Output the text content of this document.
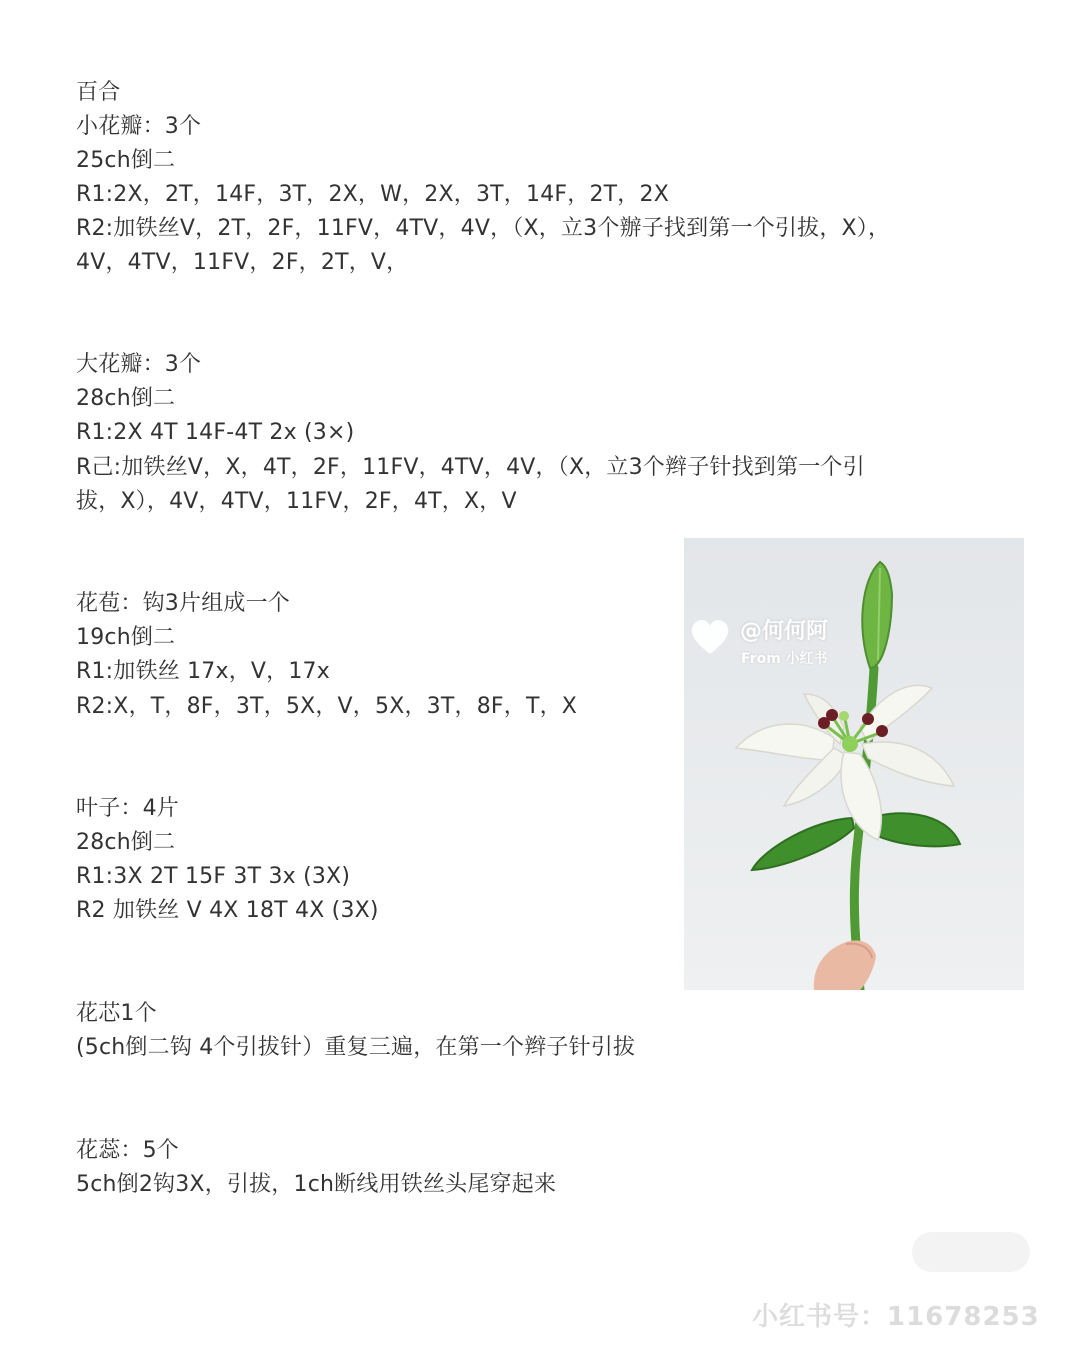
百合
小花瓣：3个
25ch倒二
R1:2X，2T，14F，3T，2X，W，2X，3T，14F，2T，2X
R2:加铁丝V，2T，2F，11FV，4TV，4V，（X，立3个辦子找到第一个引拔，X），
4V，4TV，11FV，2F，2T，V，
大花瓣：3个
28ch倒二
R1:2X 4T 14F-4T 2x (3×)
R己:加铁丝V，X，4T，2F，11FV，4TV，4V，（X，立3个辫子针找到第一个引
拔，X），4V，4TV，11FV，2F，4T，X，V
花苞：钩3片组成一个
19ch倒二
R1:加铁丝 17x，V，17x
R2:X，T，8F，3T，5X，V，5X，3T，8F，T，X
叶子：4片
28ch倒二
R1:3X 2T 15F 3T 3x (3X)
R2 加铁丝 V 4X 18T 4X (3X)
花芯1个
(5ch倒二钩 4个引拔针）重复三遍，在第一个辫子针引拔
花蕊：5个
5ch倒2钩3X，引拔，1ch断线用铁丝头尾穿起来
@何何阿
From 小红书
小红书号：11678253
